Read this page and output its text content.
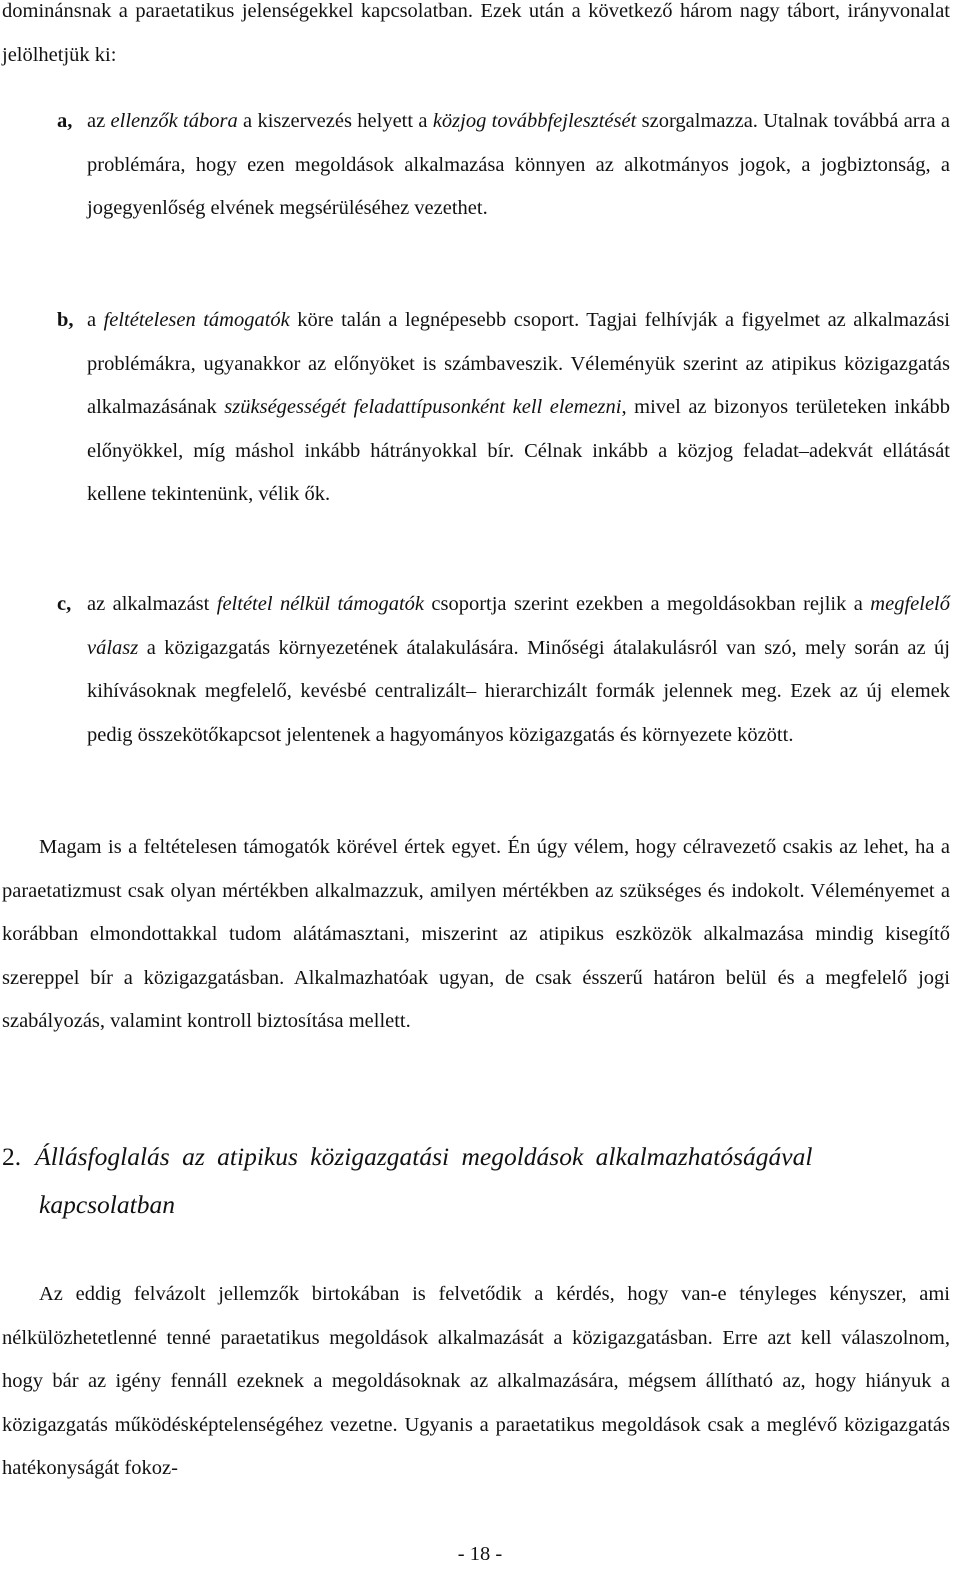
dominánsnak a paraetatikus jelenségekkel kapcsolatban. Ezek után a következő három nagy tábort, irányvonalat jelölhetjük ki:

a, az ellenzők tábora a kiszervezés helyett a közjog továbbfejlesztését szorgalmazza. Utalnak továbbá arra a problémára, hogy ezen megoldások alkalmazása könnyen az alkotmányos jogok, a jogbiztonság, a jogegyenlőség elvének megsérüléséhez vezethet.

b, a feltételesen támogatók köre talán a legnépesebb csoport. Tagjai felhívják a figyelmet az alkalmazási problémákra, ugyanakkor az előnyöket is számbaveszik. Véleményük szerint az atipikus közigazgatás alkalmazásának szükségességét feladattípusonként kell elemezni, mivel az bizonyos területeken inkább előnyökkel, míg máshol inkább hátrányokkal bír. Célnak inkább a közjog feladat–adekvát ellátását kellene tekintenünk, vélik ők.

c, az alkalmazást feltétel nélkül támogatók csoportja szerint ezekben a megoldásokban rejlik a megfelelő válasz a közigazgatás környezetének átalakulására. Minőségi átalakulásról van szó, mely során az új kihívásoknak megfelelő, kevésbé centralizált– hierarchizált formák jelennek meg. Ezek az új elemek pedig összekötőkapcsot jelentenek a hagyományos közigazgatás és környezete között.

Magam is a feltételesen támogatók körével értek egyet. Én úgy vélem, hogy célravezető csakis az lehet, ha a paraetatizmust csak olyan mértékben alkalmazzuk, amilyen mértékben az szükséges és indokolt. Véleményemet a korábban elmondottakkal tudom alátámasztani, miszerint az atipikus eszközök alkalmazása mindig kisegítő szereppel bír a közigazgatásban. Alkalmazhatóak ugyan, de csak ésszerű határon belül és a megfelelő jogi szabályozás, valamint kontroll biztosítása mellett.

2. Állásfoglalás az atipikus közigazgatási megoldások alkalmazhatóságával
kapcsolatban

Az eddig felvázolt jellemzők birtokában is felvetődik a kérdés, hogy van-e tényleges kényszer, ami nélkülözhetetlenné tenné paraetatikus megoldások alkalmazását a közigazgatásban. Erre azt kell válaszolnom, hogy bár az igény fennáll ezeknek a megoldásoknak az alkalmazására, mégsem állítható az, hogy hiányuk a közigazgatás működésképtelenségéhez vezetne. Ugyanis a paraetatikus megoldások csak a meglévő közigazgatás hatékonyságát fokoz-

- 18 -
